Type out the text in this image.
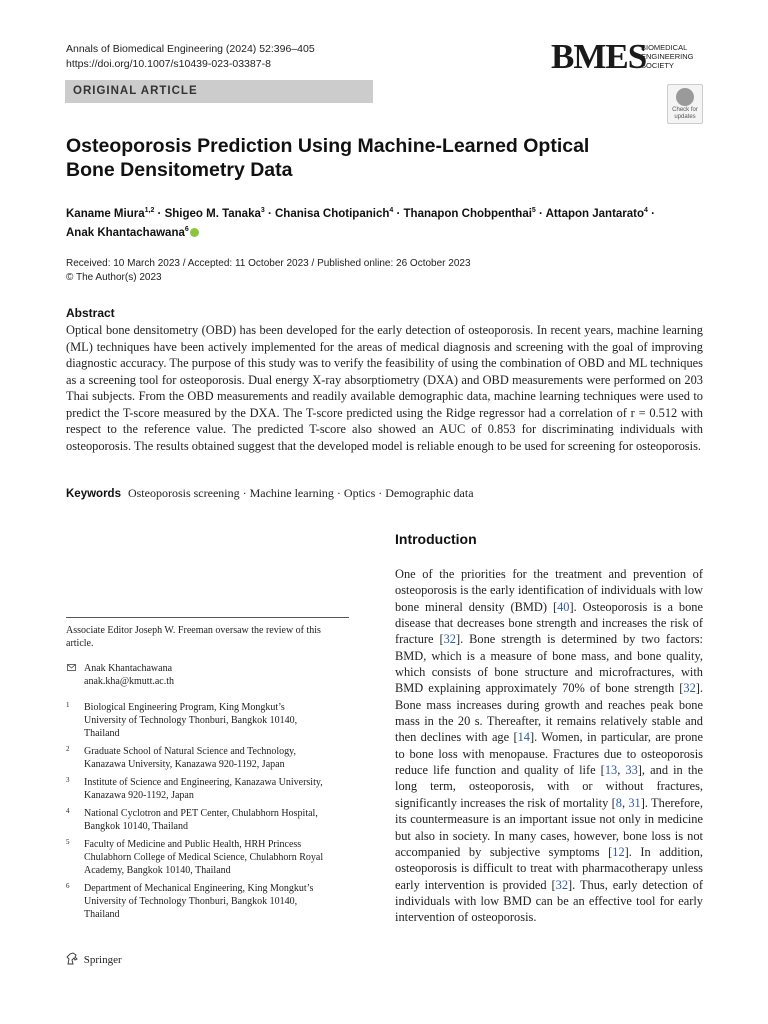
Annals of Biomedical Engineering (2024) 52:396–405
https://doi.org/10.1007/s10439-023-03387-8	BMES
BIOMEDICAL
ENGINEERING
SOCIETY
ORIGINAL ARTICLE
Check for
updates
Osteoporosis Prediction Using Machine-Learned Optical Bone Densitometry Data
Kaname Miura$^{1,2}$ · Shigeo M. Tanaka$^3$ · Chanisa Chotipanich$^4$ · Thanapon Chobpenthai$^5$ · Attapon Jantarato$^4$ ·
Anak Khantachawana$^6$
Received: 10 March 2023 / Accepted: 11 October 2023 / Published online: 26 October 2023
© The Author(s) 2023
Abstract
Optical bone densitometry (OBD) has been developed for the early detection of osteoporosis. In recent years, machine learning (ML) techniques have been actively implemented for the areas of medical diagnosis and screening with the goal of improving diagnostic accuracy. The purpose of this study was to verify the feasibility of using the combination of OBD and ML techniques as a screening tool for osteoporosis. Dual energy X-ray absorptiometry (DXA) and OBD measurements were performed on 203 Thai subjects. From the OBD measurements and readily available demographic data, machine learning techniques were used to predict the T-score measured by the DXA. The T-score predicted using the Ridge regressor had a correlation of r = 0.512 with respect to the reference value. The predicted T-score also showed an AUC of 0.853 for discriminating individuals with osteoporosis. The results obtained suggest that the developed model is reliable enough to be used for screening for osteoporosis.
Keywords Osteoporosis screening · Machine learning · Optics · Demographic data
Introduction
One of the priorities for the treatment and prevention of osteoporosis is the early identification of individuals with low bone mineral density (BMD) [40]. Osteoporosis is a bone disease that decreases bone strength and increases the risk of fracture [32]. Bone strength is determined by two factors: BMD, which is a measure of bone mass, and bone quality, which consists of bone structure and microfractures, with BMD explaining approximately 70% of bone strength [32]. Bone mass increases during growth and reaches peak bone mass in the 20 s. Thereafter, it remains relatively stable and then declines with age [14]. Women, in particular, are prone to bone loss with menopause. Fractures due to osteoporosis reduce life function and quality of life [13, 33], and in the long term, osteoporosis, with or without fractures, significantly increases the risk of mortality [8, 31]. Therefore, its countermeasure is an important issue not only in medicine but also in society. In many cases, however, bone loss is not accompanied by subjective symptoms [12]. In addition, osteoporosis is difficult to treat with pharmacotherapy unless early intervention is provided [32]. Thus, early detection of individuals with low BMD can be an effective tool for early intervention of osteoporosis.
Associate Editor Joseph W. Freeman oversaw the review of this article.
Anak Khantachawana
anak.kha@kmutt.ac.th
1 Biological Engineering Program, King Mongkut’s
University of Technology Thonburi, Bangkok 10140,
Thailand
2 Graduate School of Natural Science and Technology,
Kanazawa University, Kanazawa 920-1192, Japan
3 Institute of Science and Engineering, Kanazawa University,
Kanazawa 920-1192, Japan
4 National Cyclotron and PET Center, Chulabhorn Hospital,
Bangkok 10140, Thailand
5 Faculty of Medicine and Public Health, HRH Princess
Chulabhorn College of Medical Science, Chulabhorn Royal
Academy, Bangkok 10140, Thailand
6 Department of Mechanical Engineering, King Mongkut’s
University of Technology Thonburi, Bangkok 10140,
Thailand
Springer
